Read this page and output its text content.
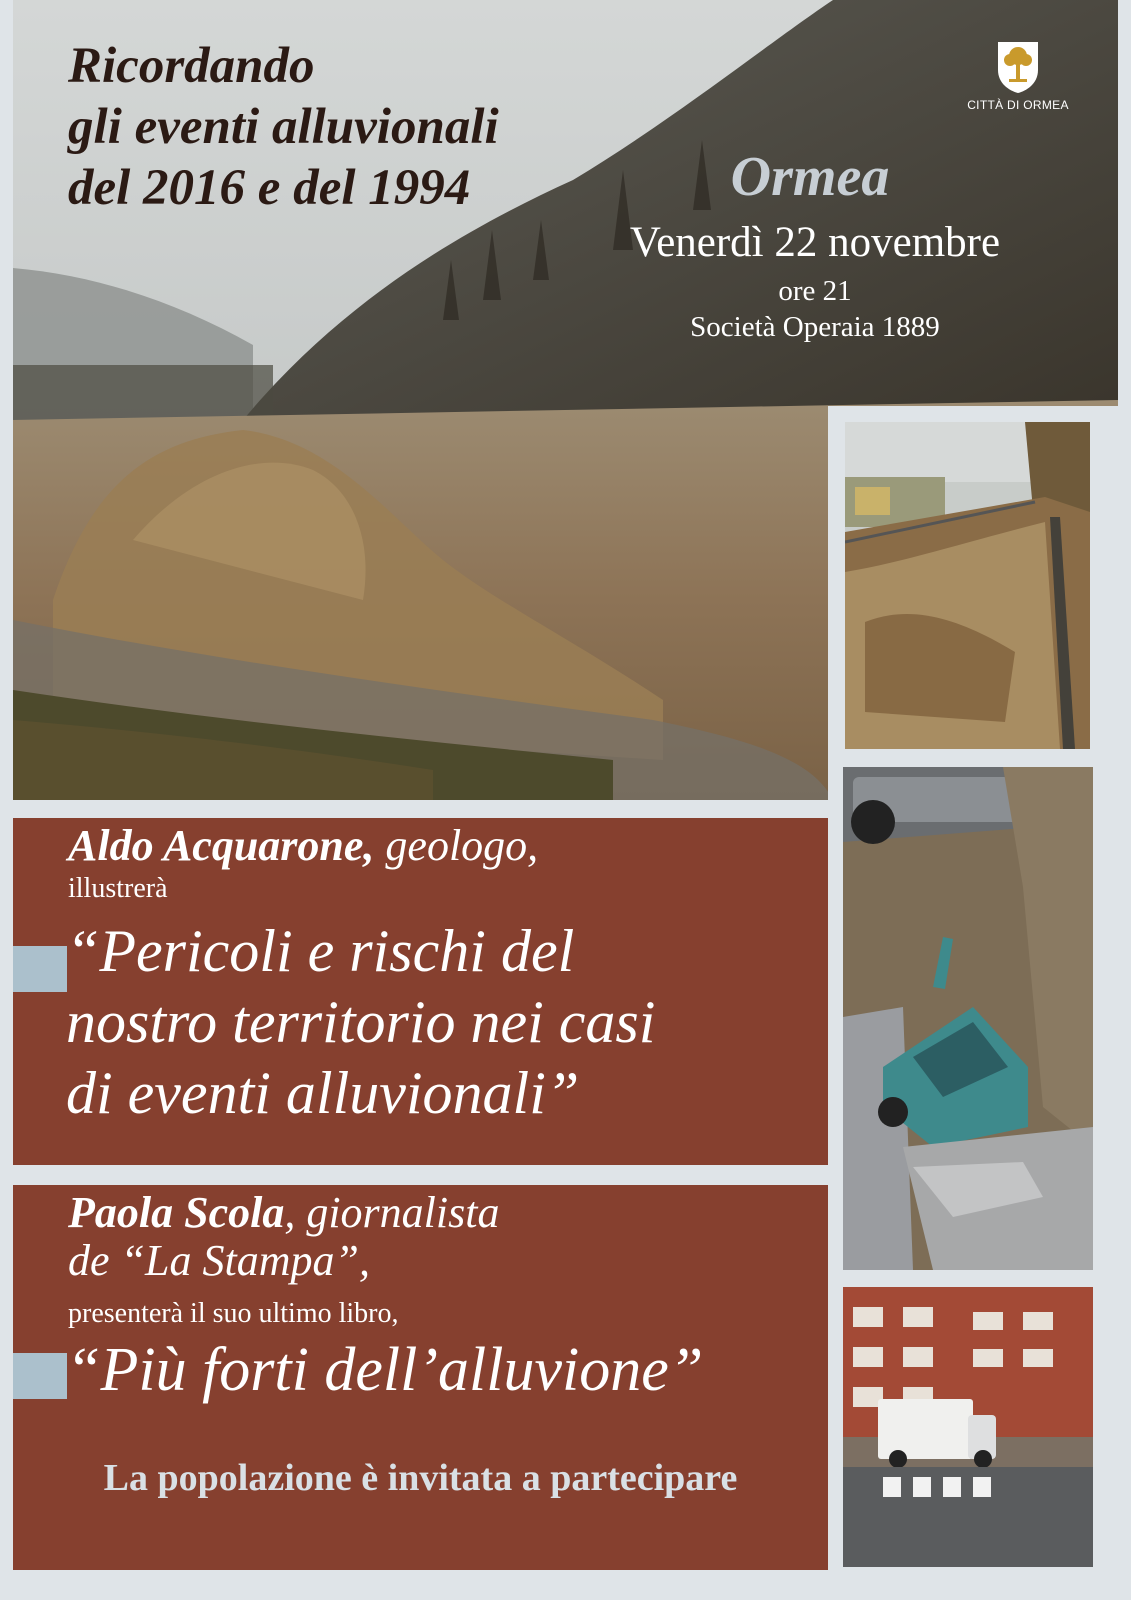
Ricordando
gli eventi alluvionali
del 2016 e del 1994
CITTÀ DI ORMEA
Ormea
Venerdì 22 novembre
ore 21
Società Operaia 1889

Aldo Acquarone, geologo,

illustrerà

“Pericoli e rischi del
nostro territorio nei casi
di eventi alluvionali”

Paola Scola, giornalista

de “La Stampa”,

presenterà il suo ultimo libro,

“Più forti dell’alluvione”

La popolazione è invitata a partecipare
